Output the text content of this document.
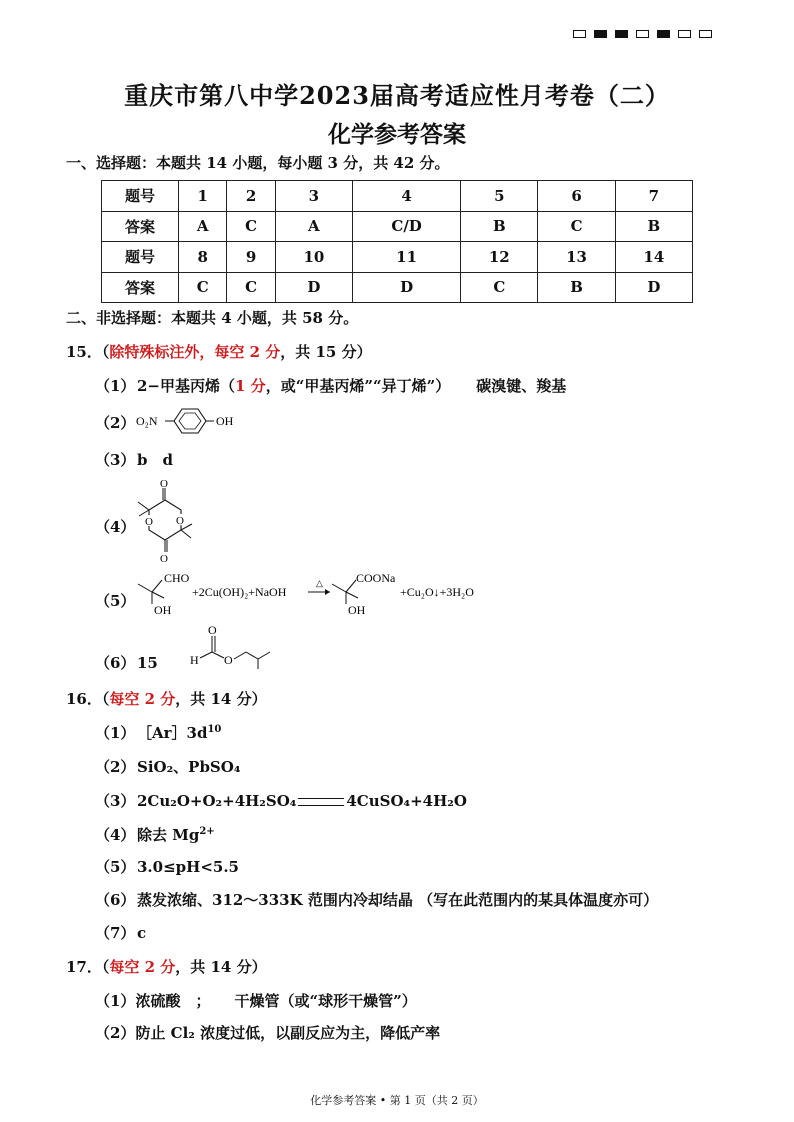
重庆市第八中学2023届高考适应性月考卷（二）
化学参考答案
一、选择题：本题共 14 小题，每小题 3 分，共 42 分。
题号	1	2	3	4	5	6	7
答案	A	C	A	C/D	B	C	B
题号	8	9	10	11	12	13	14
答案	C	C	D	D	C	B	D
二、非选择题：本题共 4 小题，共 58 分。
15．（除特殊标注外，每空 2 分，共 15 分）
（1） 2−甲基丙烯（1 分，或“甲基丙烯”“异丁烯”） 碳溴键、羧基
（2） O₂N	OH
（3） b　d
（4）
O
O
O
O
（5）
CHO
OH
+2Cu(OH)₂+NaOH
△	COONa
OH
+Cu₂O↓+3H₂O
（6） 15	H
O
O
16．（每空 2 分，共 14 分）
（1） $[Ar]3d^{10}$
（2） SiO₂、PbSO₄
（3） 2Cu₂O+O₂+4H₂SO₄	4CuSO₄+4H₂O
（4） 除去 $Mg^{2+}$
（5） 3.0≤pH<5.5
（6） 蒸发浓缩、312～333K 范围内冷却结晶 （写在此范围内的某具体温度亦可）
（7） c
17．（每空 2 分，共 14 分）
（1）浓硫酸　； 干燥管（或“球形干燥管”）
（2）防止 Cl₂ 浓度过低，以副反应为主，降低产率
化学参考答案 • 第 1 页（共 2 页）
